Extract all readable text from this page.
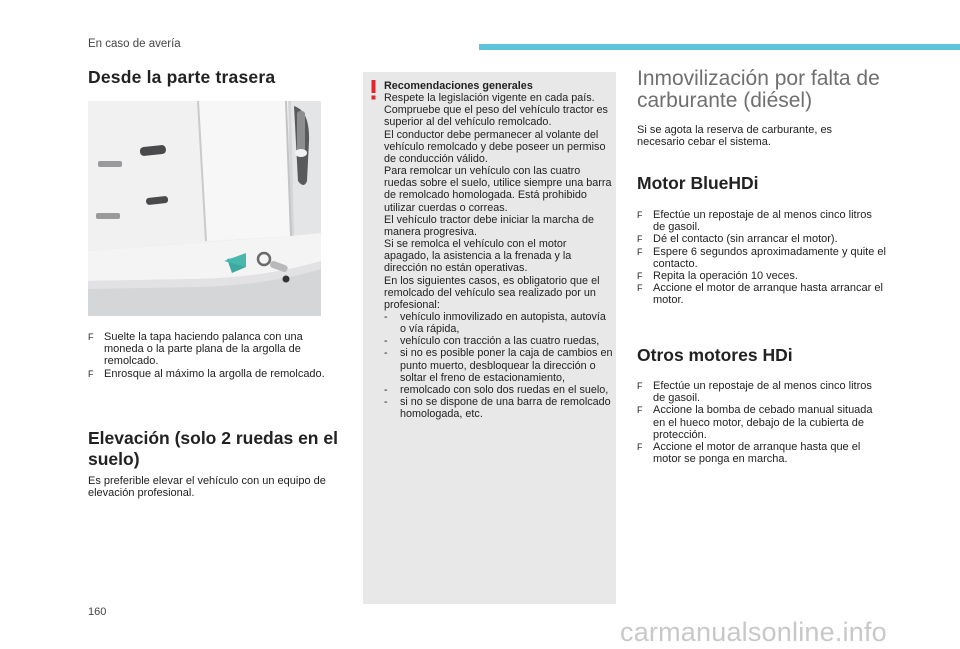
En caso de avería
Desde la parte trasera
F Suelte la tapa haciendo palanca con una moneda o la parte plana de la argolla de remolcado.
F Enrosque al máximo la argolla de remolcado.
Elevación (solo 2 ruedas en el suelo)
Es preferible elevar el vehículo con un equipo de elevación profesional.
Recomendaciones generales
Respete la legislación vigente en cada país.
Compruebe que el peso del vehículo tractor es superior al del vehículo remolcado.
El conductor debe permanecer al volante del vehículo remolcado y debe poseer un permiso de conducción válido.
Para remolcar un vehículo con las cuatro ruedas sobre el suelo, utilice siempre una barra de remolcado homologada. Está prohibido utilizar cuerdas o correas.
El vehículo tractor debe iniciar la marcha de manera progresiva.
Si se remolca el vehículo con el motor apagado, la asistencia a la frenada y la dirección no están operativas.
En los siguientes casos, es obligatorio que el remolcado del vehículo sea realizado por un profesional:
- vehículo inmovilizado en autopista, autovía o vía rápida,
- vehículo con tracción a las cuatro ruedas,
- si no es posible poner la caja de cambios en punto muerto, desbloquear la dirección o soltar el freno de estacionamiento,
- remolcado con solo dos ruedas en el suelo,
- si no se dispone de una barra de remolcado homologada, etc.
Inmovilización por falta de carburante (diésel)
Si se agota la reserva de carburante, es necesario cebar el sistema.
Motor BlueHDi
F Efectúe un repostaje de al menos cinco litros de gasoil.
F Dé el contacto (sin arrancar el motor).
F Espere 6 segundos aproximadamente y quite el contacto.
F Repita la operación 10 veces.
F Accione el motor de arranque hasta arrancar el motor.
Otros motores HDi
F Efectúe un repostaje de al menos cinco litros de gasoil.
F Accione la bomba de cebado manual situada en el hueco motor, debajo de la cubierta de protección.
F Accione el motor de arranque hasta que el motor se ponga en marcha.
160
carmanualsonline.info
